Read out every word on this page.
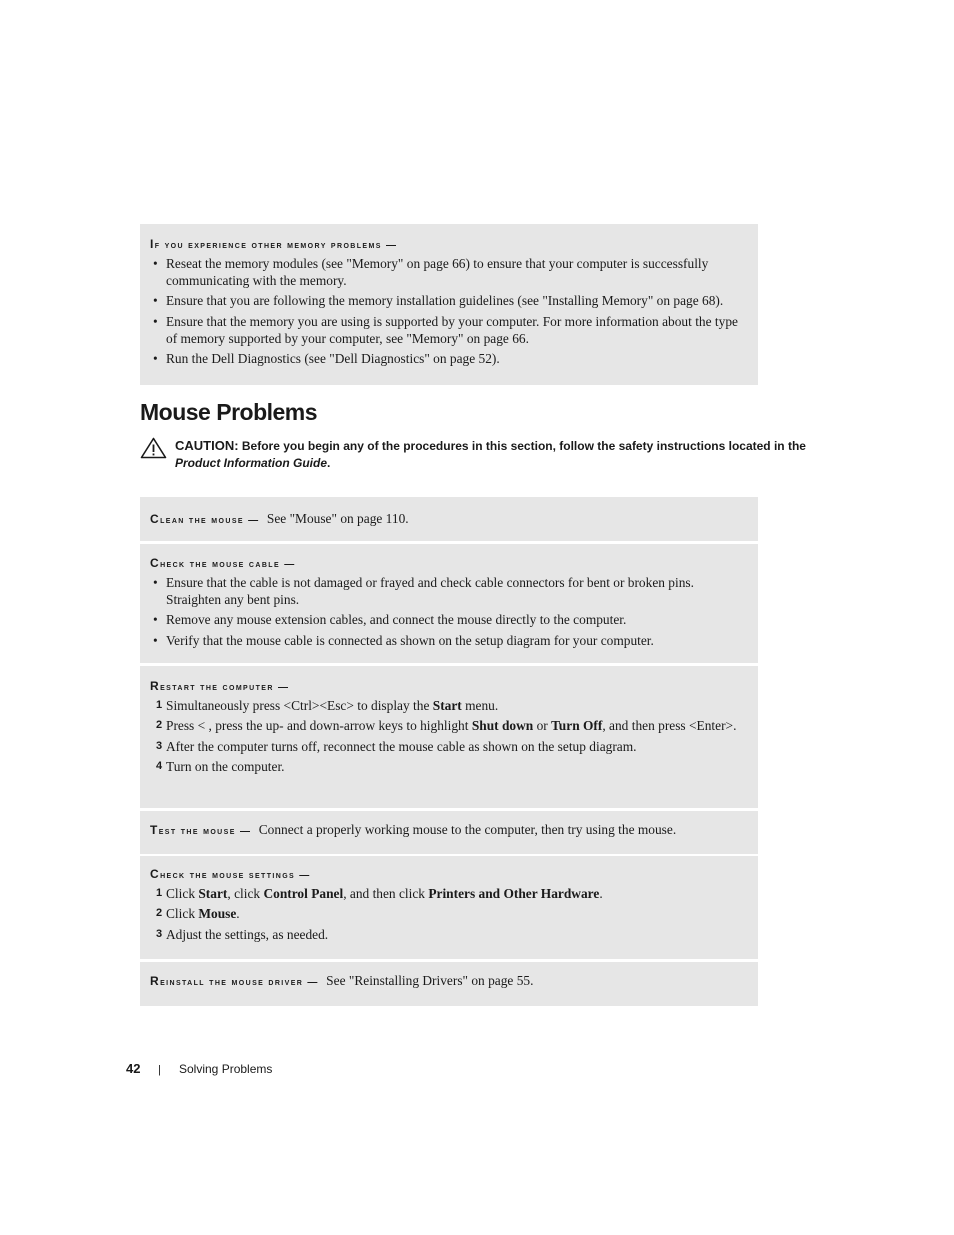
If you experience other memory problems —
• Reseat the memory modules (see "Memory" on page 66) to ensure that your computer is successfully communicating with the memory.
• Ensure that you are following the memory installation guidelines (see "Installing Memory" on page 68).
• Ensure that the memory you are using is supported by your computer. For more information about the type of memory supported by your computer, see "Memory" on page 66.
• Run the Dell Diagnostics (see "Dell Diagnostics" on page 52).
Mouse Problems
CAUTION: Before you begin any of the procedures in this section, follow the safety instructions located in the Product Information Guide.
Clean the mouse — See "Mouse" on page 110.
Check the mouse cable —
• Ensure that the cable is not damaged or frayed and check cable connectors for bent or broken pins. Straighten any bent pins.
• Remove any mouse extension cables, and connect the mouse directly to the computer.
• Verify that the mouse cable is connected as shown on the setup diagram for your computer.
Restart the computer —
1 Simultaneously press <Ctrl><Esc> to display the Start menu.
2 Press < , press the up- and down-arrow keys to highlight Shut down or Turn Off, and then press <Enter>.
3 After the computer turns off, reconnect the mouse cable as shown on the setup diagram.
4 Turn on the computer.
Test the mouse — Connect a properly working mouse to the computer, then try using the mouse.
Check the mouse settings —
1 Click Start, click Control Panel, and then click Printers and Other Hardware.
2 Click Mouse.
3 Adjust the settings, as needed.
Reinstall the mouse driver — See "Reinstalling Drivers" on page 55.
42 | Solving Problems
